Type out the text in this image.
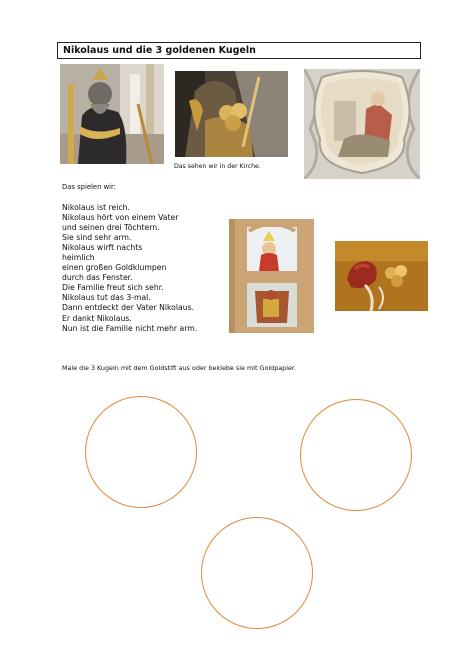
Nikolaus und die 3 goldenen Kugeln
Das sehen wir in der Kirche.
Das spielen wir:
Nikolaus ist reich.
Nikolaus hört von einem Vater
und seinen drei Töchtern.
Sie sind sehr arm.
Nikolaus wirft nachts
heimlich
einen großen Goldklumpen
durch das Fenster.
Die Familie freut sich sehr.
Nikolaus tut das 3-mal.
Dann entdeckt der Vater Nikolaus.
Er dankt Nikolaus.
Nun ist die Familie nicht mehr arm.
Male die 3 Kugeln mit dem Goldstift aus oder beklebe sie mit Goldpapier.
